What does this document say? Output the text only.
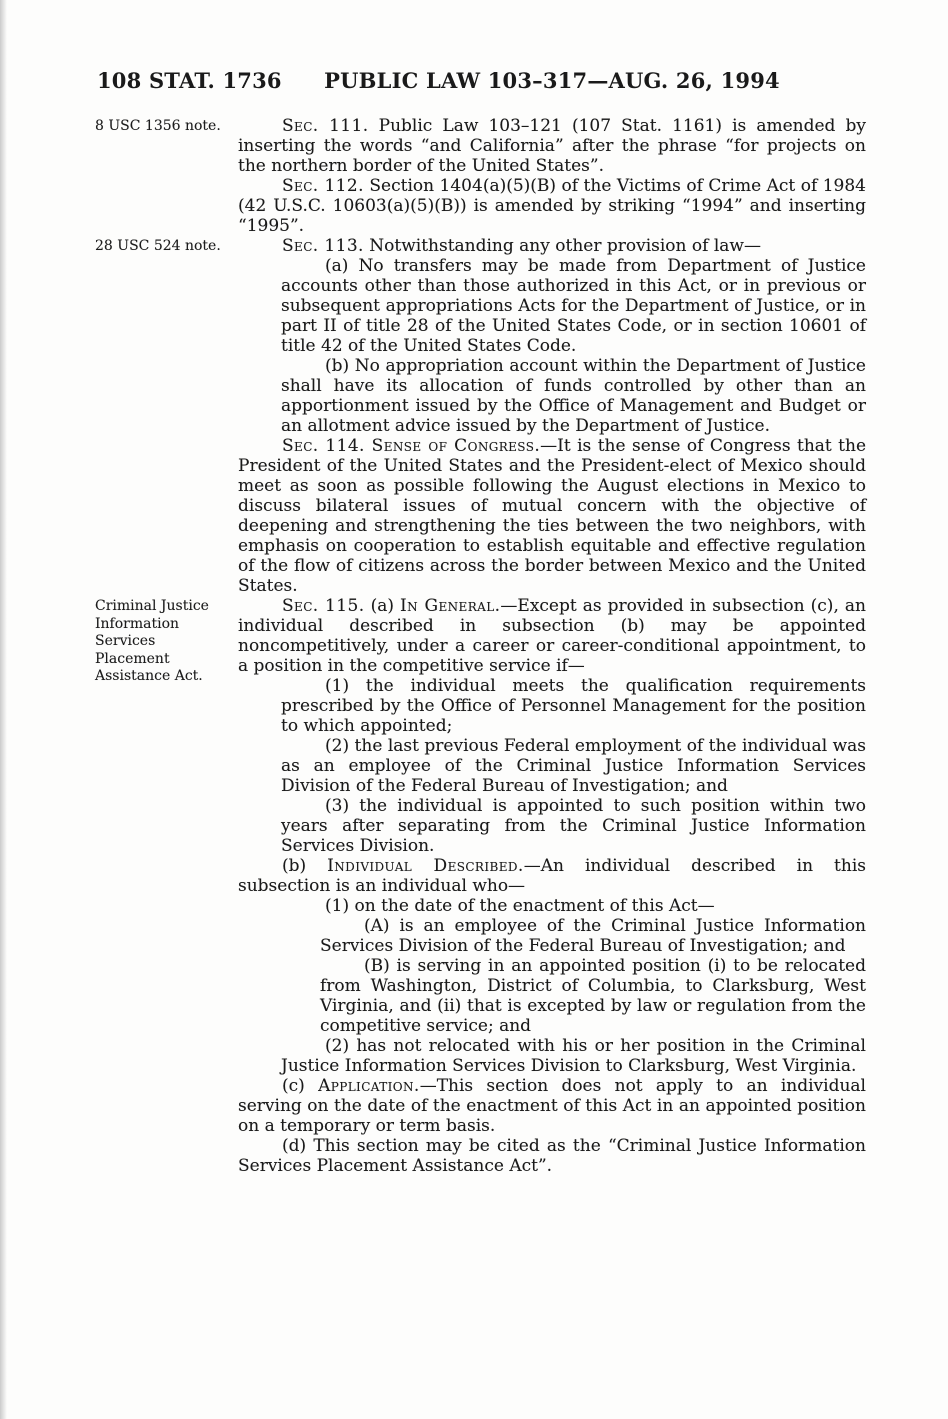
108 STAT. 1736	PUBLIC LAW 103–317—AUG. 26, 1994
8 USC 1356 note.
28 USC 524 note.
Criminal Justice
Information
Services
Placement
Assistance Act.

Sec. 111. Public Law 103–121 (107 Stat. 1161) is amended by inserting the words “and California” after the phrase “for projects on the northern border of the United States”.

Sec. 112. Section 1404(a)(5)(B) of the Victims of Crime Act of 1984 (42 U.S.C. 10603(a)(5)(B)) is amended by striking “1994” and inserting “1995”.

Sec. 113. Notwithstanding any other provision of law—

(a) No transfers may be made from Department of Justice accounts other than those authorized in this Act, or in previous or subsequent appropriations Acts for the Department of Justice, or in part II of title 28 of the United States Code, or in section 10601 of title 42 of the United States Code.

(b) No appropriation account within the Department of Justice shall have its allocation of funds controlled by other than an apportionment issued by the Office of Management and Budget or an allotment advice issued by the Department of Justice.

Sec. 114. Sense of Congress.—It is the sense of Congress that the President of the United States and the President-elect of Mexico should meet as soon as possible following the August elections in Mexico to discuss bilateral issues of mutual concern with the objective of deepening and strengthening the ties between the two neighbors, with emphasis on cooperation to establish equitable and effective regulation of the flow of citizens across the border between Mexico and the United States.

Sec. 115. (a) In General.—Except as provided in subsection (c), an individual described in subsection (b) may be appointed noncompetitively, under a career or career-conditional appointment, to a position in the competitive service if—

(1) the individual meets the qualification requirements prescribed by the Office of Personnel Management for the position to which appointed;

(2) the last previous Federal employment of the individual was as an employee of the Criminal Justice Information Services Division of the Federal Bureau of Investigation; and

(3) the individual is appointed to such position within two years after separating from the Criminal Justice Information Services Division.

(b) Individual Described.—An individual described in this subsection is an individual who—

(1) on the date of the enactment of this Act—

(A) is an employee of the Criminal Justice Information Services Division of the Federal Bureau of Investigation; and

(B) is serving in an appointed position (i) to be relocated from Washington, District of Columbia, to Clarksburg, West Virginia, and (ii) that is excepted by law or regulation from the competitive service; and

(2) has not relocated with his or her position in the Criminal Justice Information Services Division to Clarksburg, West Virginia.

(c) Application.—This section does not apply to an individual serving on the date of the enactment of this Act in an appointed position on a temporary or term basis.

(d) This section may be cited as the “Criminal Justice Information Services Placement Assistance Act”.
